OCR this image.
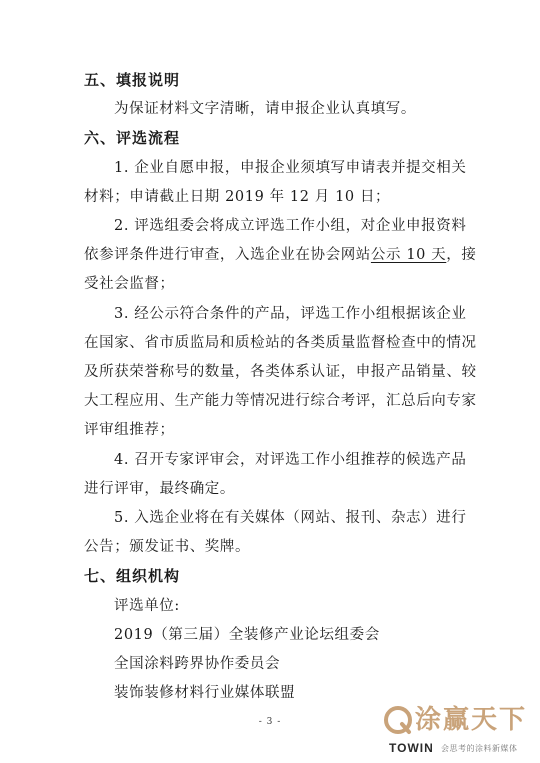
五、填报说明
为保证材料文字清晰，请申报企业认真填写。
六、评选流程
1. 企业自愿申报，申报企业须填写申请表并提交相关
材料；申请截止日期 2019 年 12 月 10 日；
2. 评选组委会将成立评选工作小组，对企业申报资料
依参评条件进行审查，入选企业在协会网站公示 10 天，接
受社会监督；
3. 经公示符合条件的产品，评选工作小组根据该企业
在国家、省市质监局和质检站的各类质量监督检查中的情况
及所获荣誉称号的数量，各类体系认证，申报产品销量、较
大工程应用、生产能力等情况进行综合考评，汇总后向专家
评审组推荐；
4. 召开专家评审会，对评选工作小组推荐的候选产品
进行评审，最终确定。
5. 入选企业将在有关媒体（网站、报刊、杂志）进行
公告；颁发证书、奖牌。
七、组织机构
评选单位:
2019（第三届）全装修产业论坛组委会
全国涂料跨界协作委员会
装饰装修材料行业媒体联盟
- 3 -	涂赢天下
TOWIN 会思考的涂料新媒体
